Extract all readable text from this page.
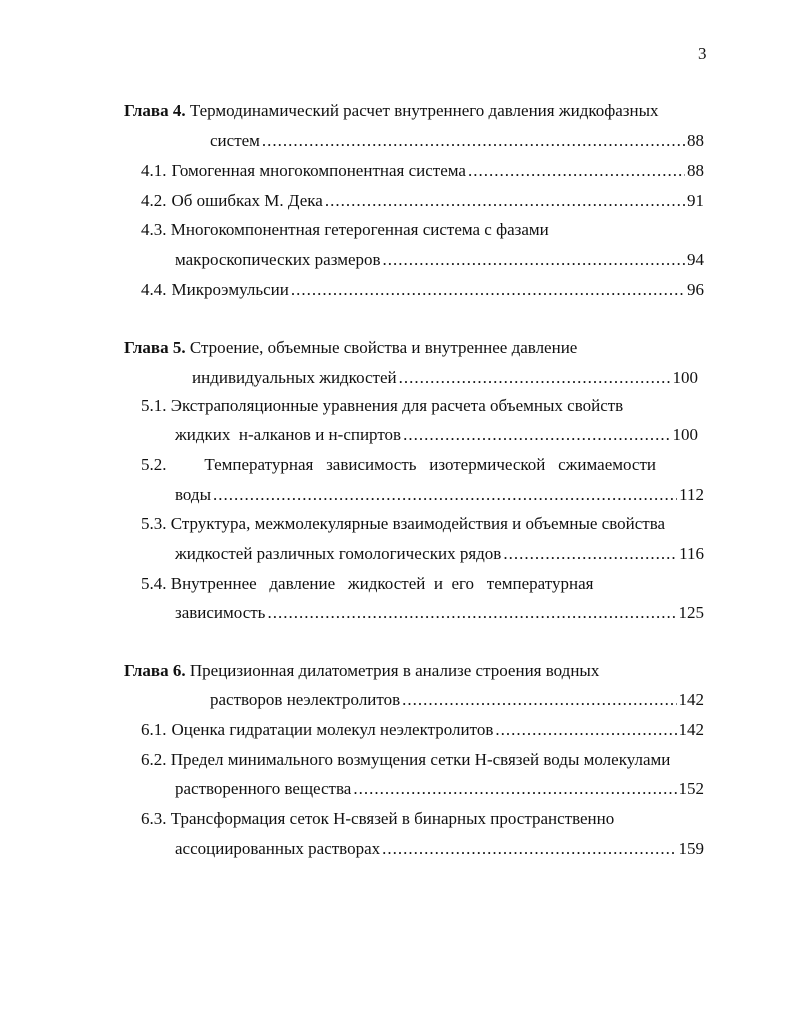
3
Глава 4. Термодинамический расчет внутреннего давления жидкофазных
систем .....	88
4.1. Гомогенная многокомпонентная система .....	88
4.2. Об ошибках М. Дека .....	91
4.3. Многокомпонентная гетерогенная система с фазами
макроскопических размеров .....	94
4.4. Микроэмульсии .....	96
Глава 5. Строение, объемные свойства и внутреннее давление
индивидуальных жидкостей .....	100
5.1. Экстраполяционные уравнения для расчета объемных свойств
жидких  н-алканов и н-спиртов .....	100
5.2. Температурная   зависимость   изотермической   сжимаемости
воды .....	112
5.3. Структура, межмолекулярные взаимодействия и объемные свойства
жидкостей различных гомологических рядов .....	116
5.4. Внутреннее   давление   жидкостей  и  его   температурная
зависимость .....	125
Глава 6. Прецизионная дилатометрия в анализе строения водных
растворов неэлектролитов .....	142
6.1. Оценка гидратации молекул неэлектролитов .....	142
6.2. Предел минимального возмущения сетки Н-связей воды молекулами
растворенного вещества .....	152
6.3. Трансформация сеток Н-связей в бинарных пространственно
ассоциированных растворах .....	159
